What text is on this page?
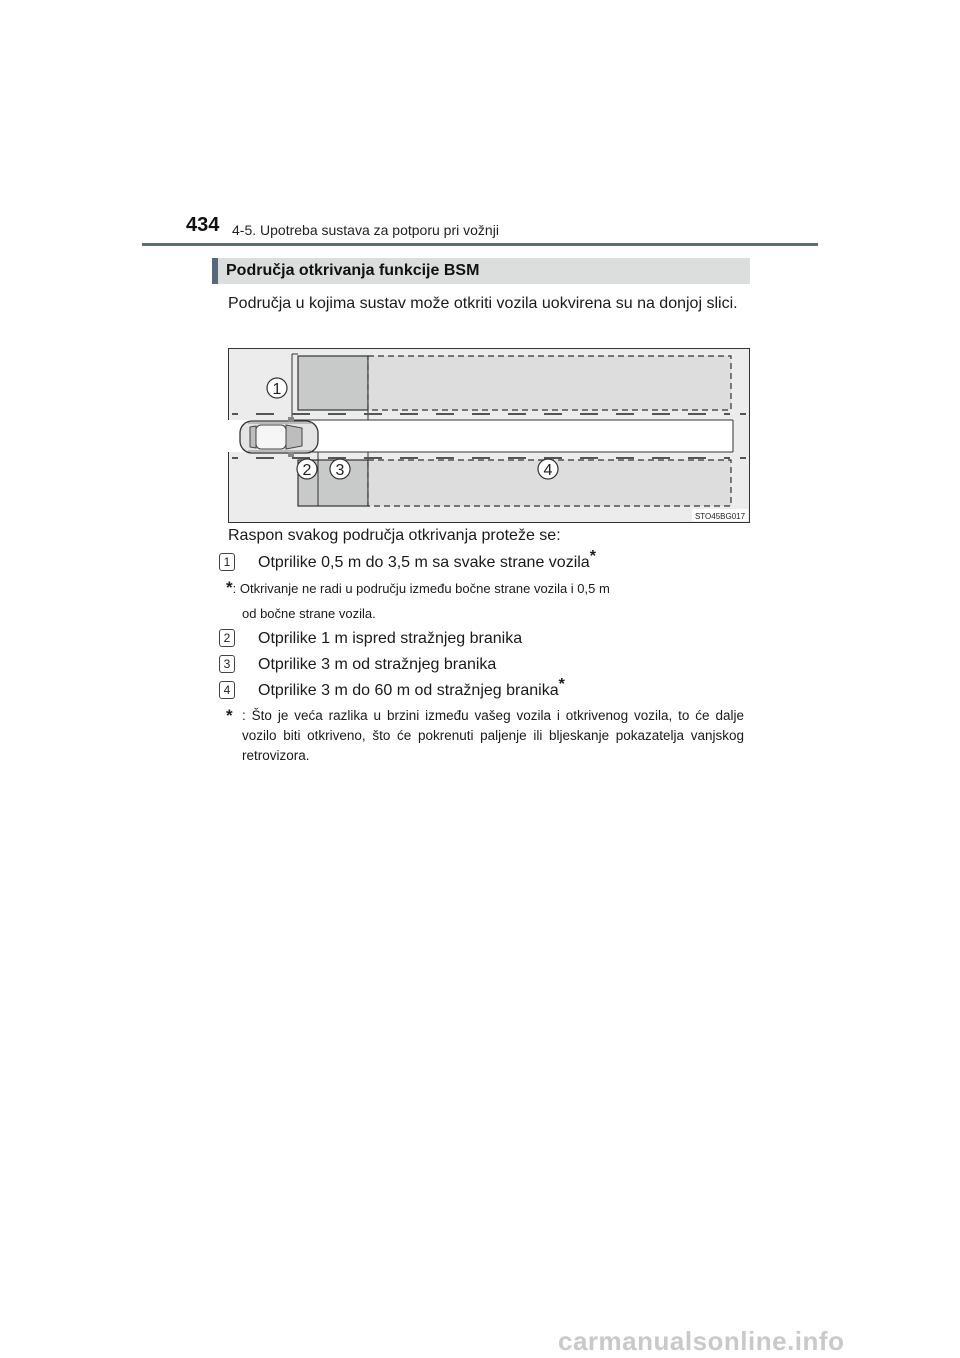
434 4-5. Upotreba sustava za potporu pri vožnji
Područja otkrivanja funkcije BSM
Područja u kojima sustav može otkriti vozila uokvirena su na donjoj slici.
1
2 3	4
STO45BG017
Raspon svakog područja otkrivanja proteže se:
1 Otprilike 0,5 m do 3,5 m sa svake strane vozila*
*: Otkrivanje ne radi u području između bočne strane vozila i 0,5 m
od bočne strane vozila.
2 Otprilike 1 m ispred stražnjeg branika
3 Otprilike 3 m od stražnjeg branika
4 Otprilike 3 m do 60 m od stražnjeg branika*
* : Što je veća razlika u brzini između vašeg vozila i otkrivenog vozila, to će dalje vozilo biti otkriveno, što će pokrenuti paljenje ili bljeskanje pokazatelja vanjskog retrovizora.
carmanualsonline.info
